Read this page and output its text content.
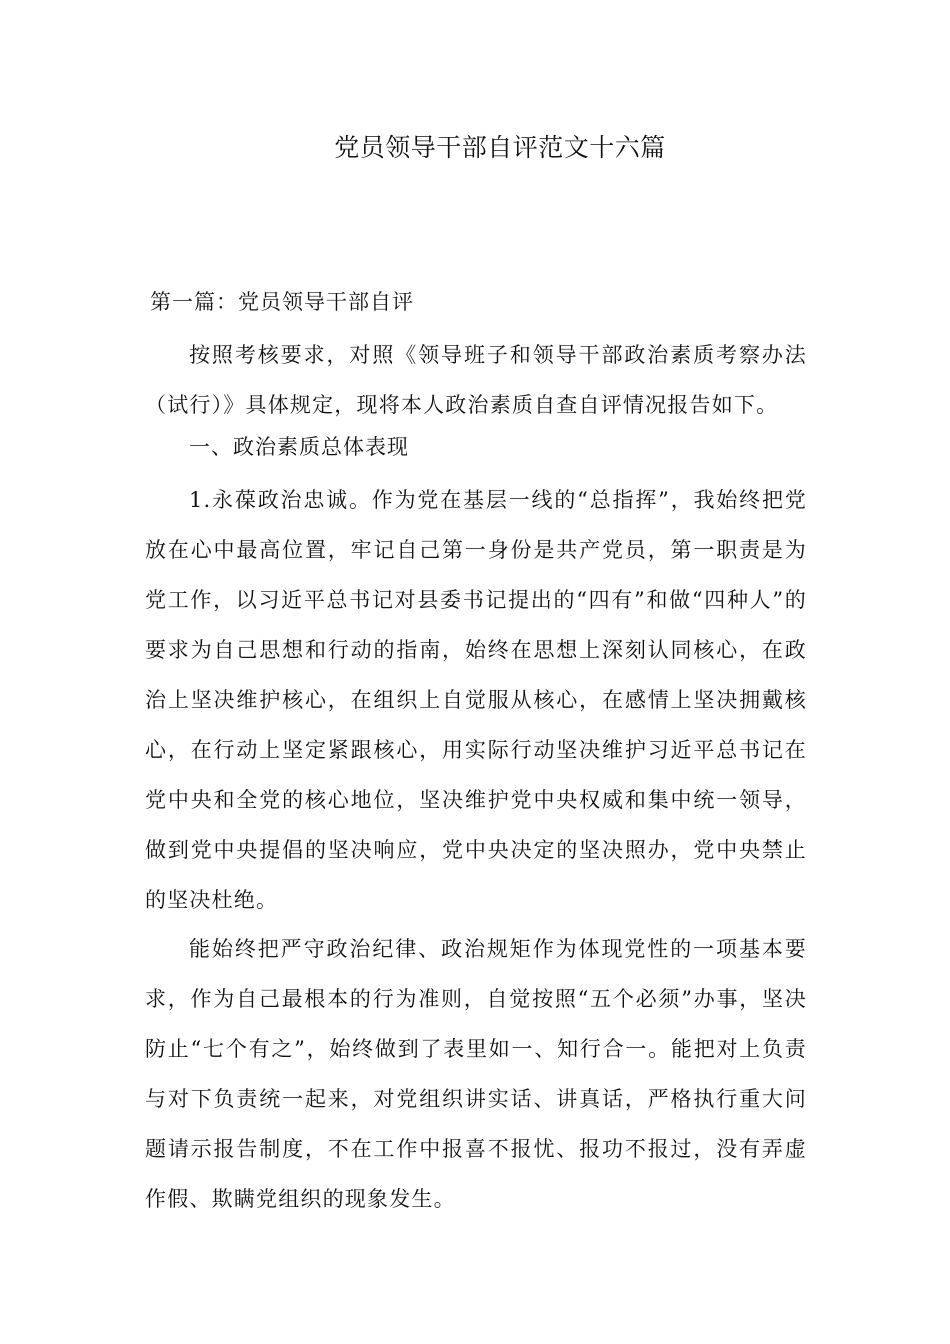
党员领导干部自评范文十六篇
第一篇：党员领导干部自评
按照考核要求，对照《领导班子和领导干部政治素质考察办法（试行）》具体规定，现将本人政治素质自查自评情况报告如下。
一、政治素质总体表现
1.永葆政治忠诚。作为党在基层一线的“总指挥”，我始终把党放在心中最高位置，牢记自己第一身份是共产党员，第一职责是为党工作，以习近平总书记对县委书记提出的“四有”和做“四种人”的要求为自己思想和行动的指南，始终在思想上深刻认同核心，在政治上坚决维护核心，在组织上自觉服从核心，在感情上坚决拥戴核心，在行动上坚定紧跟核心，用实际行动坚决维护习近平总书记在党中央和全党的核心地位，坚决维护党中央权威和集中统一领导，做到党中央提倡的坚决响应，党中央决定的坚决照办，党中央禁止的坚决杜绝。
能始终把严守政治纪律、政治规矩作为体现党性的一项基本要求，作为自己最根本的行为准则，自觉按照“五个必须”办事，坚决防止“七个有之”，始终做到了表里如一、知行合一。能把对上负责与对下负责统一起来，对党组织讲实话、讲真话，严格执行重大问题请示报告制度，不在工作中报喜不报忧、报功不报过，没有弄虚作假、欺瞒党组织的现象发生。
